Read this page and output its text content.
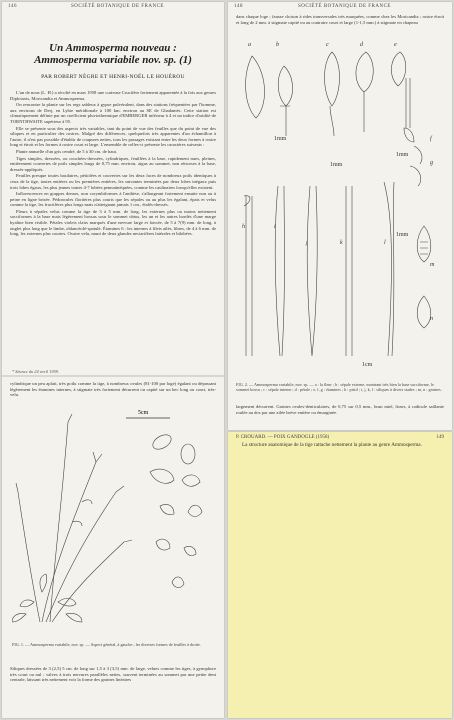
146	SOCIÉTÉ BOTANIQUE DE FRANCE
Un Ammosperma nouveau :
Ammosperma variabile nov. sp. (1)
PAR ROBERT NÈGRE ET HENRI-NOËL LE HOUÉROU

L'un de nous (L. H.) a récolté en mars 1958 une curieuse Crucifère fortement apparentée à la fois aux genres Diplotaxis, Moricandia et Ammosperma.

On rencontre la plante sur les regs sableux à gypse pulvérulent, dans des stations fréquentées par l'homme, aux environs de Derj, en Lybie méridionale à 100 km. environ au SE de Ghadamès. Cette station est climatiquement définie par un coefficient pluviothermique d'EMBERGER inférieur à 4 et un indice d'aridité de TORNTHWAITE supérieur à 95.

Elle se présente sous des aspects très variables, tant du point de vue des feuilles que du point de vue des siliques et en particulier des rostres. Malgré des différences, quelquefois très apparentes d'un échantillon à l'autre, il n'est pas possible d'établir de coupures nettes, tous les passages existant entre les deux formes à rostre long et étroit et les formes à rostre court et large. L'ensemble de celles-ci présente les caractères suivants :

Plante annuelle d'un gris cendré, de 5 à 30 cm. de haut.

Tiges simples, dressées, ou couchées-dressées, cylindriques, feuillées à la base, rapidement nues, pleines, entièrement couvertes de poils simples longs de 0,75 mm. environ, aigus au sommet, non rétrorses à la base, dressés-appliqués.

Feuilles presque toutes basilaires, pétiolées et couvertes sur les deux faces de nombreux poils identiques à ceux de la tige, toutes entières ou les premières entières, les suivantes terminées par deux lobes inégaux puis trois lobes égaux, les plus jeunes toutes 4-7 lobées pennatinéquées, comme les caulinaires lorsqu'elles existent.

Inflorescences en grappes denses, non corymbiformes à l'anthèse, s'allongeant fortement ensuite non ou à peine en ligne brisée. Pédoncules floritères plus courts que les sépales ou au plus les égalant, épais et velus comme la tige, les fructifères plus longs mais n'atteignant jamais 1 cm., étalés-dressés.

Fleurs à sépales velus comme la tige de 3 à 5 mm. de long, les externes plus ou moins nettement sacciformes à la base mais légèrement bossus sous le sommet obtus, les un et les autres bordés d'une marge hyaline bien visible. Pétales violets clairs marqués d'une nervure large et foncée, de 5 à 7(9) mm. de long, à onglet plus long que le limbe, oblancéolé-spatulé. Étamines 6 : les internes à filets ailés, libres, de 4 à 6 mm. de long, les externes plus courtes. Ovaire velu, muni de deux glandes nectarifères latérales et bilobées.

* Séance du 24 avril 1959.
cylindrique un peu aplati, très poilu comme la tige, à nombreux ovules (81-100 par loge) égalant ou dépassant légèrement les étamines internes, à stigmate très fortement décurrent ou capité sur un bec long ou court, très-velu.
5cm
FIG. 1. — Ammosperma variabile, nov. sp. — Aspect général, à gauche ; les diverses formes de feuilles à droite.
Siliques dressées de 3 (2,5) 5 cm. de long sur 1,5 à 3 (3,5) mm. de large, velues comme les tiges, à gynophore très court ou nul ; valves à trois nervures parallèles nettes, souvent terminées au sommet par une petite dent centrale, laissant très nettement voir la forme des graines linéaires
148	SOCIÉTÉ BOTANIQUE DE FRANCE
dans chaque loge ; fausse cloison à rides transversales très marquées, comme chez les Moricandia ; rostre étroit et long de 2 mm. à stigmate capité ou au contraire court et large (1-1,5 mm.) à stigmate en chapeau
a	b	c	d	e
f
g
h	i
j	k	l
m
n
1mm
1mm
1mm
1mm
1cm
FIG. 2. — Ammosperma variabile, nov. sp. — a : la fleur ; b : sépale externe, montrant très bien la base sacciforme, le sommet bossu ; c : sépale interne ; d : pétale ; e, f, g : étamines ; h : pistil ; i, j, k, l : siliques à divers stades ; m, n : graines.
largement décurrent. Graines ovales-denticulaires, de 0,75 sur 0,5 mm., brun miel, lisses, à radicule saillante roulée au dos par une ailée brève entière ou émarginée.
P. CROUARD. — POIX GANDOGLE (1958)	149
La structure anatomique de la tige rattache nettement la plante au genre Ammosperma.
